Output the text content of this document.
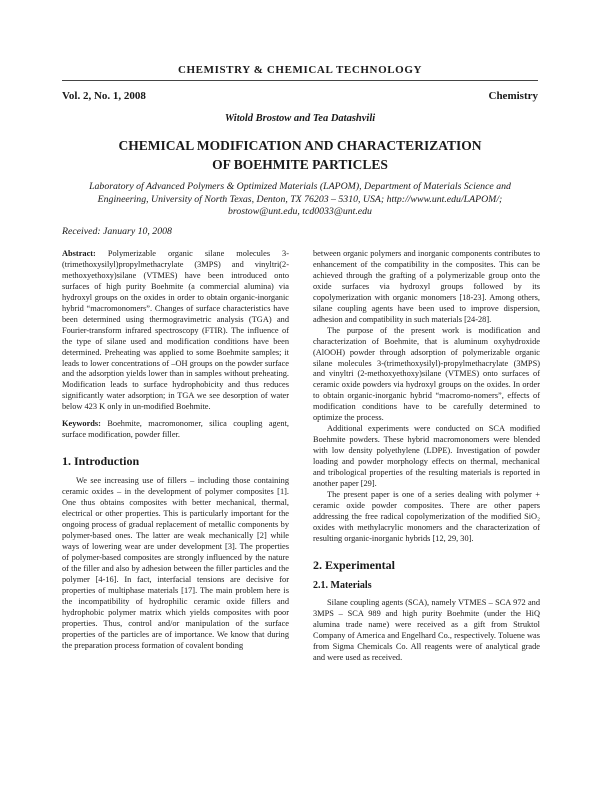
CHEMISTRY & CHEMICAL TECHNOLOGY
Vol. 2, No. 1, 2008	Chemistry
Witold Brostow and Tea Datashvili
CHEMICAL MODIFICATION AND CHARACTERIZATION
OF BOEHMITE PARTICLES
Laboratory of Advanced Polymers & Optimized Materials (LAPOM), Department of Materials Science and Engineering, University of North Texas, Denton, TX 76203 – 5310, USA; http://www.unt.edu/LAPOM/; brostow@unt.edu, tcd0033@unt.edu
Received: January 10, 2008

Abstract: Polymerizable organic silane molecules 3-(trimethoxysilyl)propylmethacrylate (3MPS) and vinyltri(2-methoxyethoxy)silane (VTMES) have been introduced onto surfaces of high purity Boehmite (a commercial alumina) via hydroxyl groups on the oxides in order to obtain organic-inorganic hybrid “macromonomers”. Changes of surface characteristics have been determined using thermogravimetric analysis (TGA) and Fourier-transform infrared spectroscopy (FTIR). The influence of the type of silane used and modification conditions have been determined. Preheating was applied to some Boehmite samples; it leads to lower concentrations of –OH groups on the powder surface and the adsorption yields lower than in samples without preheating. Modification leads to surface hydrophobicity and thus reduces significantly water adsorption; in TGA we see desorption of water below 423 K only in un-modified Boehmite.

Keywords: Boehmite, macromonomer, silica coupling agent, surface modification, powder filler.

1. Introduction

We see increasing use of fillers – including those containing ceramic oxides – in the development of polymer composites [1]. One thus obtains composites with better mechanical, thermal, electrical or other properties. This is particularly important for the ongoing process of gradual replacement of metallic components by polymer-based ones. The latter are weak mechanically [2] while ways of lowering wear are under development [3]. The properties of polymer-based composites are strongly influenced by the nature of the filler and also by adhesion between the filler particles and the polymer [4-16]. In fact, interfacial tensions are decisive for properties of multiphase materials [17]. The main problem here is the incompatibility of hydrophilic ceramic oxide fillers and hydrophobic polymer matrix which yields composites with poor properties. Thus, control and/or manipulation of the surface properties of the particles are of importance. We know that during the preparation process formation of covalent bonding

between organic polymers and inorganic components contributes to enhancement of the compatibility in the composites. This can be achieved through the grafting of a polymerizable group onto the oxide surfaces via hydroxyl groups followed by its copolymerization with organic monomers [18-23]. Among others, silane coupling agents have been used to improve dispersion, adhesion and compatibility in such materials [24-28].

The purpose of the present work is modification and characterization of Boehmite, that is aluminum oxyhydroxide (AlOOH) powder through adsorption of polymerizable organic silane molecules 3-(trimethoxysilyl)-propylmethacrylate (3MPS) and vinyltri (2-methoxyethoxy)silane (VTMES) onto surfaces of ceramic oxide powders via hydroxyl groups on the oxides. In order to obtain organic-inorganic hybrid “macromo-nomers”, effects of modification conditions have to be carefully determined to optimize the process.

Additional experiments were conducted on SCA modified Boehmite powders. These hybrid macromonomers were blended with low density polyethylene (LDPE). Investigation of powder loading and powder morphology effects on thermal, mechanical and tribological properties of the resulting materials is reported in another paper [29].

The present paper is one of a series dealing with polymer + ceramic oxide powder composites. There are other papers addressing the free radical copolymerization of the modified SiO₂ oxides with methylacrylic monomers and the characterization of resulting organic-inorganic hybrids [12, 29, 30].

2. Experimental
2.1. Materials

Silane coupling agents (SCA), namely VTMES – SCA 972 and 3MPS – SCA 989 and high purity Boehmite (under the HiQ alumina trade name) were received as a gift from Struktol Company of America and Engelhard Co., respectively. Toluene was from Sigma Chemicals Co. All reagents were of analytical grade and were used as received.
